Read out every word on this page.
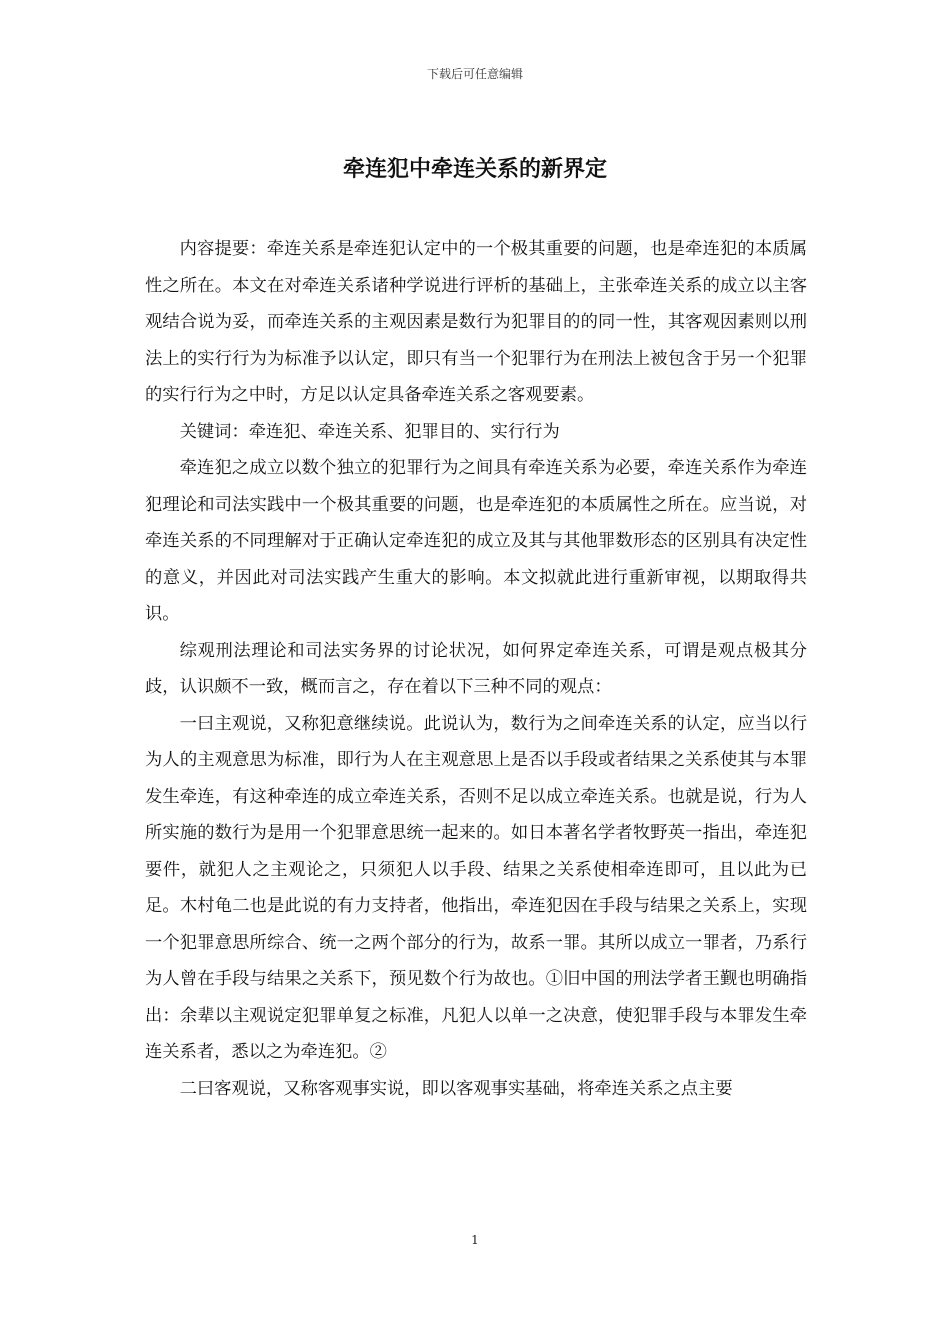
下载后可任意编辑
牵连犯中牵连关系的新界定

内容提要：牵连关系是牵连犯认定中的一个极其重要的问题，也是牵连犯的本质属性之所在。本文在对牵连关系诸种学说进行评析的基础上，主张牵连关系的成立以主客观结合说为妥，而牵连关系的主观因素是数行为犯罪目的的同一性，其客观因素则以刑法上的实行行为为标准予以认定，即只有当一个犯罪行为在刑法上被包含于另一个犯罪的实行行为之中时，方足以认定具备牵连关系之客观要素。

关键词：牵连犯、牵连关系、犯罪目的、实行行为

牵连犯之成立以数个独立的犯罪行为之间具有牵连关系为必要，牵连关系作为牵连犯理论和司法实践中一个极其重要的问题，也是牵连犯的本质属性之所在。应当说，对牵连关系的不同理解对于正确认定牵连犯的成立及其与其他罪数形态的区别具有决定性的意义，并因此对司法实践产生重大的影响。本文拟就此进行重新审视，以期取得共识。

综观刑法理论和司法实务界的讨论状况，如何界定牵连关系，可谓是观点极其分歧，认识颇不一致，概而言之，存在着以下三种不同的观点：

一曰主观说，又称犯意继续说。此说认为，数行为之间牵连关系的认定，应当以行为人的主观意思为标准，即行为人在主观意思上是否以手段或者结果之关系使其与本罪发生牵连，有这种牵连的成立牵连关系，否则不足以成立牵连关系。也就是说，行为人所实施的数行为是用一个犯罪意思统一起来的。如日本著名学者牧野英一指出，牵连犯要件，就犯人之主观论之，只须犯人以手段、结果之关系使相牵连即可，且以此为已足。木村龟二也是此说的有力支持者，他指出，牵连犯因在手段与结果之关系上，实现一个犯罪意思所综合、统一之两个部分的行为，故系一罪。其所以成立一罪者，乃系行为人曾在手段与结果之关系下，预见数个行为故也。①旧中国的刑法学者王觐也明确指出：余辈以主观说定犯罪单复之标准，凡犯人以单一之决意，使犯罪手段与本罪发生牵连关系者，悉以之为牵连犯。②

二曰客观说，又称客观事实说，即以客观事实基础，将牵连关系之点主要

1
